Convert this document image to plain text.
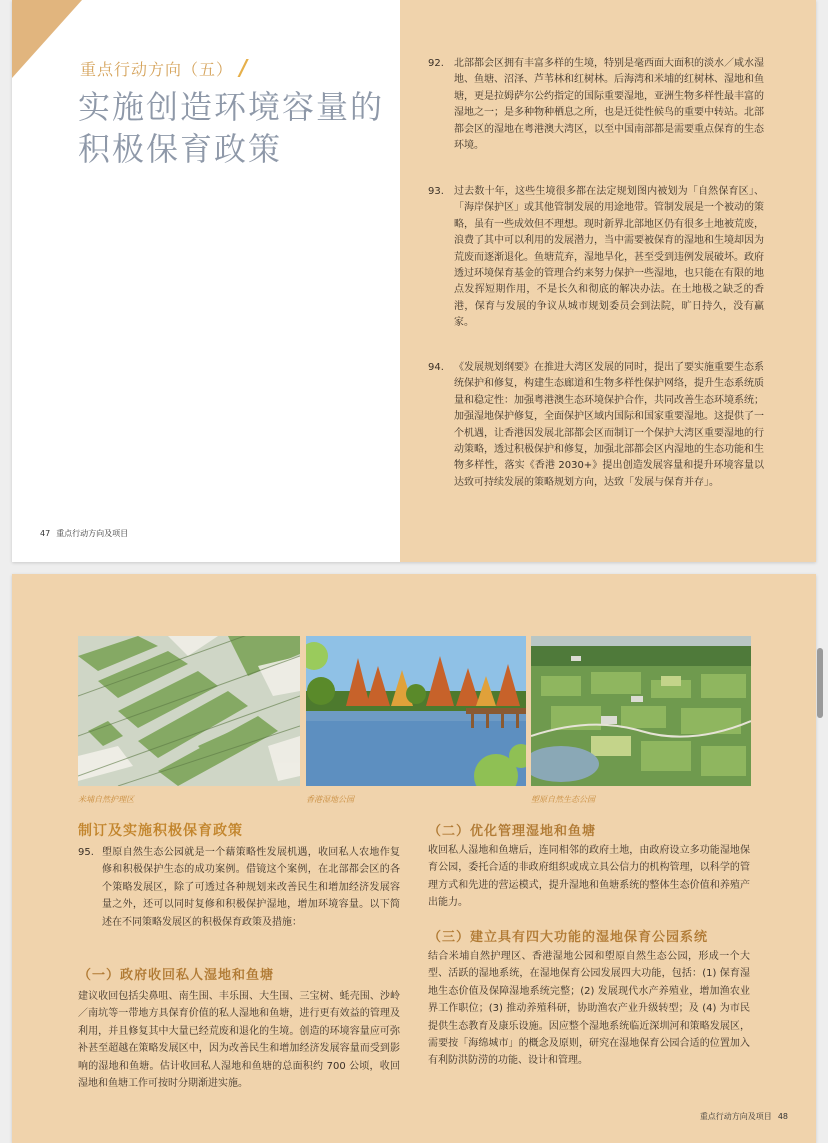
重点行动方向（五） /
实施创造环境容量的积极保育政策
47 重点行动方向及项目
92.	北部都会区拥有丰富多样的生境，特别是毫西面大面积的淡水／咸水湿地、鱼塘、沼泽、芦苇林和红树林。后海湾和米埔的红树林、湿地和鱼塘，更是拉姆萨尔公约指定的国际重要湿地，亚洲生物多样性最丰富的湿地之一；是多种物种栖息之所，也是迁徙性候鸟的重要中转站。北部都会区的湿地在粤港澳大湾区，以至中国南部都是需要重点保育的生态环境。
93.	过去数十年，这些生境很多都在法定规划图内被划为「自然保育区」、「海岸保护区」或其他管制发展的用途地带。管制发展是一个被动的策略，虽有一些成效但不理想。现时新界北部地区仍有很多土地被荒废，浪费了其中可以利用的发展潜力，当中需要被保育的湿地和生境却因为荒废而逐渐退化。鱼塘荒弃，湿地旱化，甚至受到违例发展破坏。政府透过环境保育基金的管理合约来努力保护一些湿地，也只能在有限的地点发挥短期作用，不是长久和彻底的解决办法。在土地极之缺乏的香港，保育与发展的争议从城市规划委员会到法院，旷日持久，没有赢家。
94.	《发展规划纲要》在推进大湾区发展的同时，提出了要实施重要生态系统保护和修复，构建生态廊道和生物多样性保护网络，提升生态系统质量和稳定性：加强粤港澳生态环境保护合作，共同改善生态环境系统；加强湿地保护修复，全面保护区域内国际和国家重要湿地。这提供了一个机遇，让香港因发展北部都会区而制订一个保护大湾区重要湿地的行动策略，透过积极保护和修复，加强北部都会区内湿地的生态功能和生物多样性，落实《香港 2030+》提出创造发展容量和提升环境容量以达致可持续发展的策略规划方向，达致「发展与保育并存」。
米埔自然护理区	香港湿地公园	塱原自然生态公园
制订及实施积极保育政策
95. 塱原自然生态公园就是一个藉策略性发展机遇，收回私人农地作复修和积极保护生态的成功案例。借镜这个案例，在北部都会区的各个策略发展区，除了可透过各种规划来改善民生和增加经济发展容量之外，还可以同时复修和积极保护湿地，增加环境容量。以下简述在不同策略发展区的积极保育政策及措施：
（一）政府收回私人湿地和鱼塘
建议收回包括尖鼻咀、南生围、丰乐围、大生围、三宝树、蚝壳围、沙岭／南坑等一带地方具保育价值的私人湿地和鱼塘，进行更有效益的管理及利用，并且修复其中大量已经荒废和退化的生境。创造的环境容量应可弥补甚至超越在策略发展区中，因为改善民生和增加经济发展容量而受到影响的湿地和鱼塘。估计收回私人湿地和鱼塘的总面积约 700 公顷，收回湿地和鱼塘工作可按时分期渐进实施。
（二）优化管理湿地和鱼塘
收回私人湿地和鱼塘后，连同相邻的政府土地，由政府设立多功能湿地保育公园，委托合适的非政府组织或成立具公信力的机构管理，以科学的管理方式和先进的营运模式，提升湿地和鱼塘系统的整体生态价值和养殖产出能力。
（三）建立具有四大功能的湿地保育公园系统
结合米埔自然护理区、香港湿地公园和塱原自然生态公园，形成一个大型、活跃的湿地系统，在湿地保育公园发展四大功能，包括：(1) 保育湿地生态价值及保障湿地系统完整；(2) 发展现代水产养殖业，增加渔农业界工作职位；(3) 推动养殖科研，协助渔农产业升级转型；及 (4) 为市民提供生态教育及康乐设施。因应整个湿地系统临近深圳河和策略发展区，需要按「海绵城市」的概念及原则，研究在湿地保育公园合适的位置加入有利防洪防涝的功能、设计和管理。
重点行动方向及项目 48
